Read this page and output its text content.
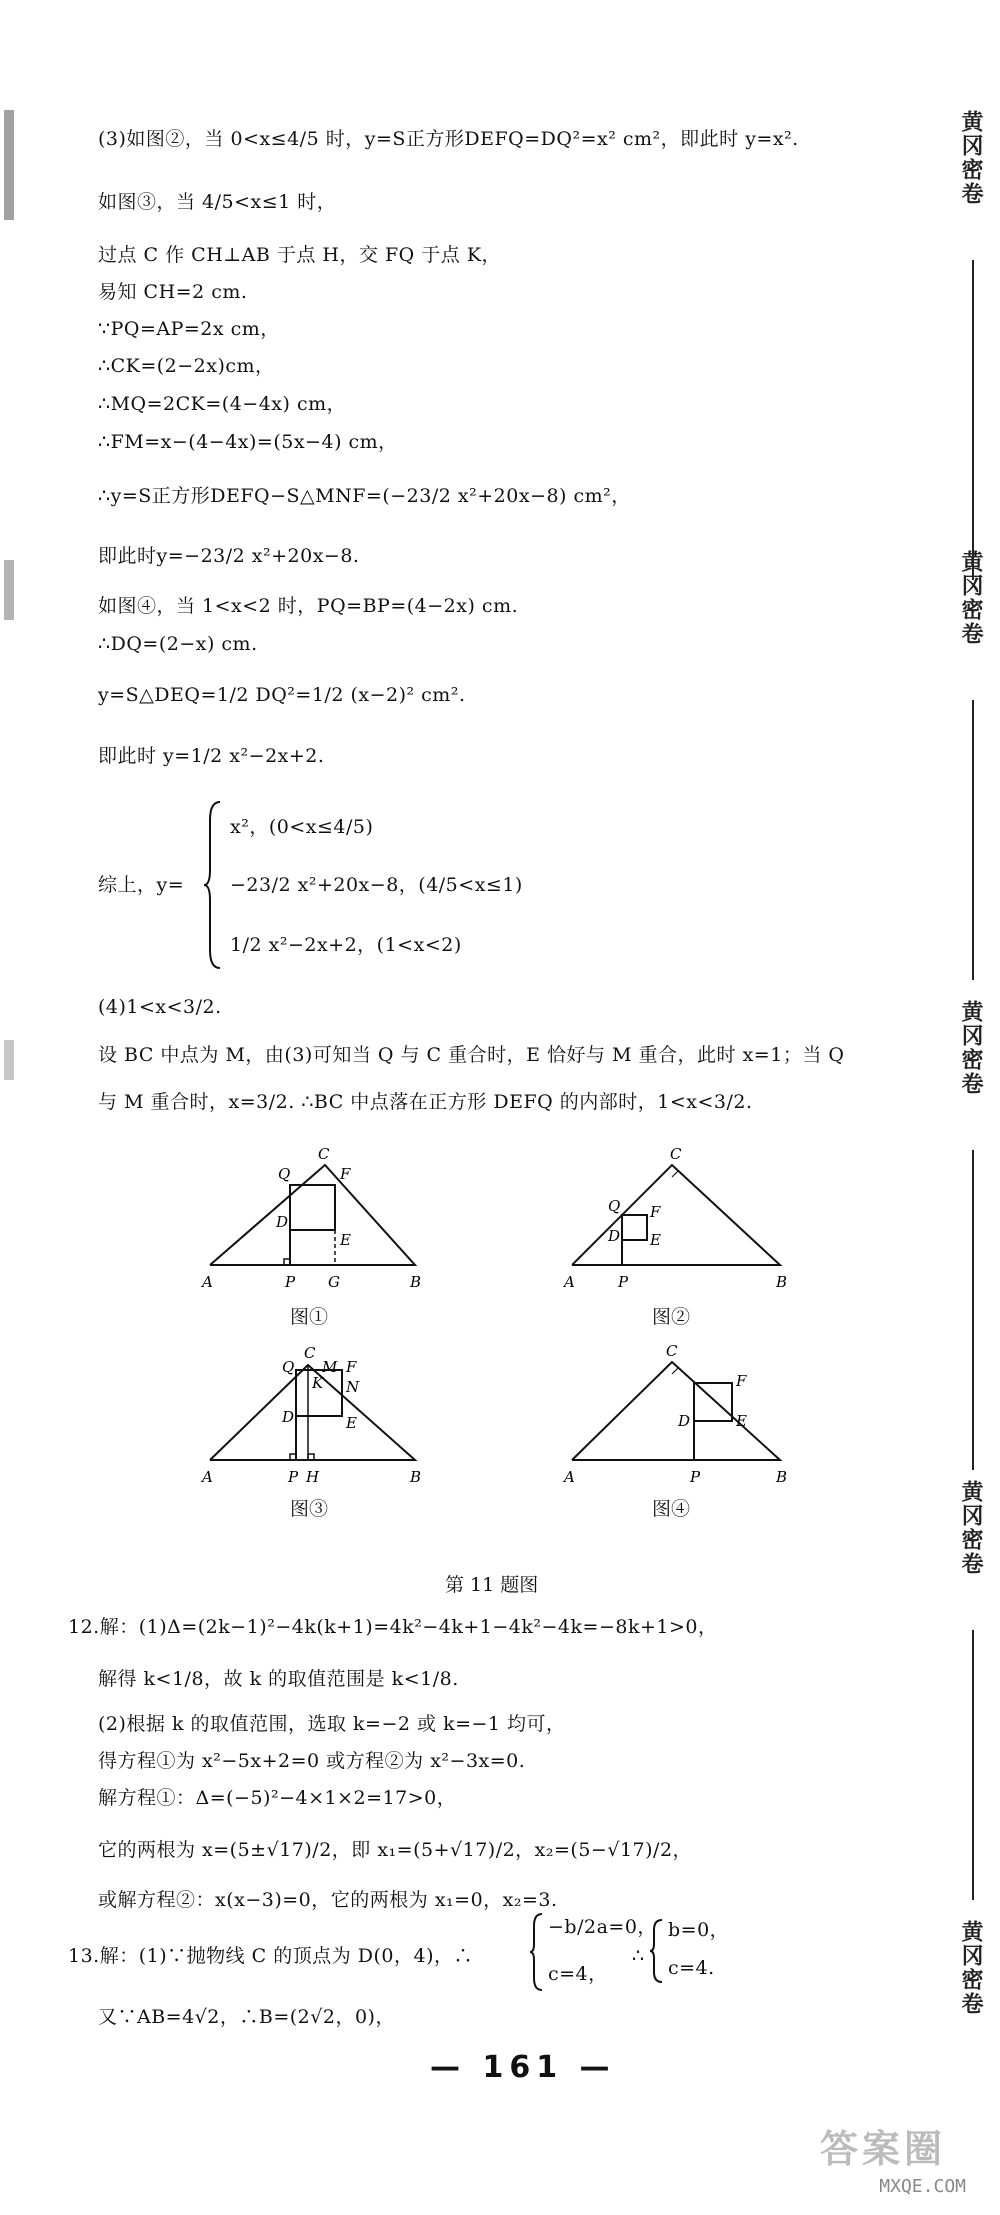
(3)如图②，当 0<x≤4/5 时，y=S正方形DEFQ=DQ²=x² cm²，即此时 y=x².
如图③，当 4/5<x≤1 时，
过点 C 作 CH⊥AB 于点 H，交 FQ 于点 K，
易知 CH=2 cm.
∵PQ=AP=2x cm，
∴CK=(2−2x)cm，
∴MQ=2CK=(4−4x) cm，
∴FM=x−(4−4x)=(5x−4) cm，
∴y=S正方形DEFQ−S△MNF=(−23/2 x²+20x−8) cm²，
即此时y=−23/2 x²+20x−8.
如图④，当 1<x<2 时，PQ=BP=(4−2x) cm.
∴DQ=(2−x) cm.
y=S△DEQ=1/2 DQ²=1/2 (x−2)² cm².
即此时 y=1/2 x²−2x+2.
综上，y=
x²，(0<x≤4/5)
−23/2 x²+20x−8，(4/5<x≤1)
1/2 x²−2x+2，(1<x<2)
(4)1<x<3/2.
设 BC 中点为 M，由(3)可知当 Q 与 C 重合时，E 恰好与 M 重合，此时 x=1；当 Q
与 M 重合时，x=3/2. ∴BC 中点落在正方形 DEFQ 的内部时，1<x<3/2.
C
Q	F
D
E
A	P G	B
图①
C
Q F
D E
A	P	B
图②
C
Q M F
K N
D	E
A	P H	B
图③
C
F
D	E
A	P	B
图④
第 11 题图
12.解：(1)Δ=(2k−1)²−4k(k+1)=4k²−4k+1−4k²−4k=−8k+1>0，
解得 k<1/8，故 k 的取值范围是 k<1/8.
(2)根据 k 的取值范围，选取 k=−2 或 k=−1 均可，
得方程①为 x²−5x+2=0 或方程②为 x²−3x=0.
解方程①：Δ=(−5)²−4×1×2=17>0，
它的两根为 x=(5±√17)/2，即 x₁=(5+√17)/2，x₂=(5−√17)/2，
或解方程②：x(x−3)=0，它的两根为 x₁=0，x₂=3.
13.解：(1)∵抛物线 C 的顶点为 D(0，4)，∴
−b/2a=0，
c=4，
∴
b=0，
c=4.
又∵AB=4√2，∴B=(2√2，0)，
— 161 —
黄冈密卷
黄冈密卷
黄冈密卷
黄冈密卷
黄冈密卷
答案圈
MXQE.COM
